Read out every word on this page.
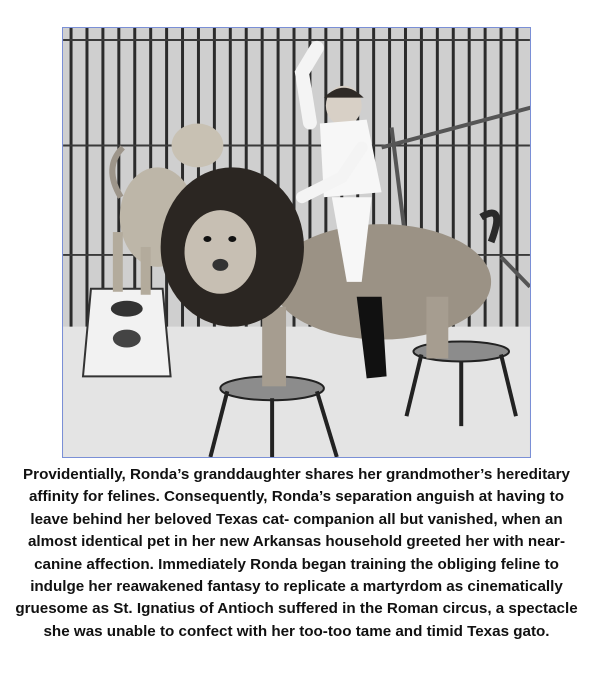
Providentially, Ronda’s granddaughter shares her grandmother’s hereditary affinity for felines. Consequently, Ronda’s separation anguish at having to leave behind her beloved Texas cat- companion all but vanished, when an almost identical pet in her new Arkansas household greeted her with near-canine affection. Immediately Ronda began training the obliging feline to indulge her reawakened fantasy to replicate a martyrdom as cinematically gruesome as St. Ignatius of Antioch suffered in the Roman circus, a spectacle she was unable to confect with her too-too tame and timid Texas gato.
